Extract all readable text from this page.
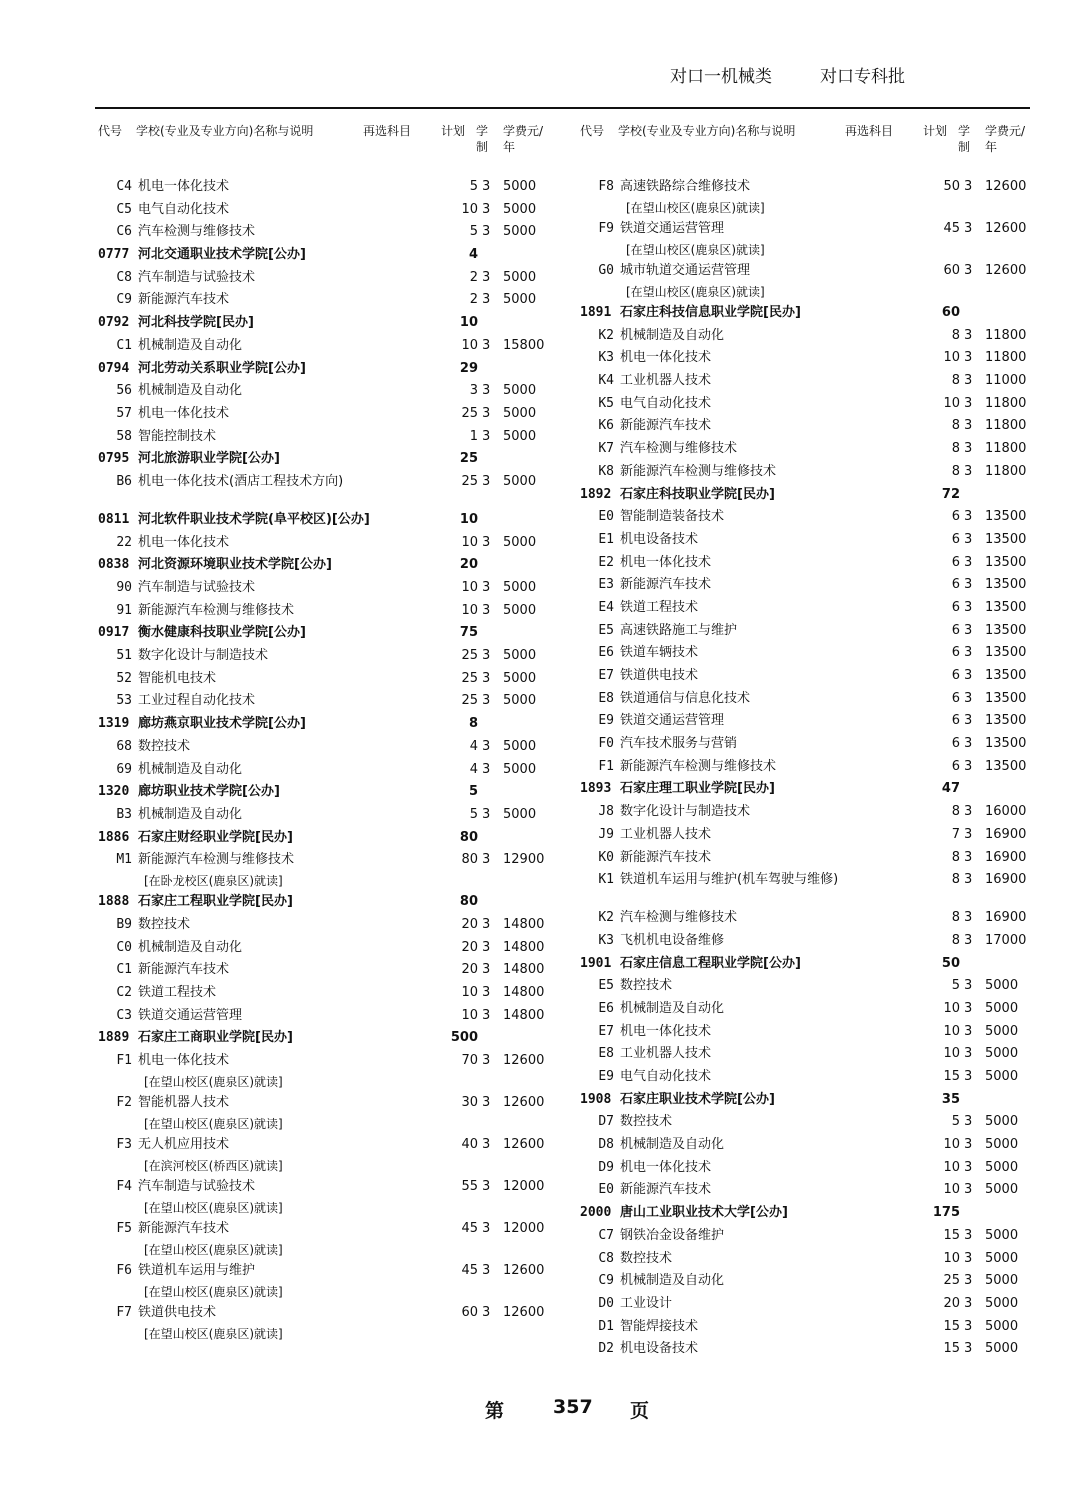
对口一机械类	对口专科批
代号 学校(专业及专业方向)名称与说明	再选科目 计划 学制
学费元/年
C4 机电一体化技术	5 3 5000
C5 电气自动化技术	10 3 5000
C6 汽车检测与维修技术	5 3 5000
0777 河北交通职业技术学院[公办]	4
C8 汽车制造与试验技术	2 3 5000
C9 新能源汽车技术	2 3 5000
0792 河北科技学院[民办]	10
C1 机械制造及自动化	10 3 15800
0794 河北劳动关系职业学院[公办]	29
56 机械制造及自动化	3 3 5000
57 机电一体化技术	25 3 5000
58 智能控制技术	1 3 5000
0795 河北旅游职业学院[公办]	25
B6 机电一体化技术(酒店工程技术方向)	25 3 5000
0811 河北软件职业技术学院(阜平校区)[公办]	10
22 机电一体化技术	10 3 5000
0838 河北资源环境职业技术学院[公办]	20
90 汽车制造与试验技术	10 3 5000
91 新能源汽车检测与维修技术	10 3 5000
0917 衡水健康科技职业学院[公办]	75
51 数字化设计与制造技术	25 3 5000
52 智能机电技术	25 3 5000
53 工业过程自动化技术	25 3 5000
1319 廊坊燕京职业技术学院[公办]	8
68 数控技术	4 3 5000
69 机械制造及自动化	4 3 5000
1320 廊坊职业技术学院[公办]	5
B3 机械制造及自动化	5 3 5000
1886 石家庄财经职业学院[民办]	80
M1 新能源汽车检测与维修技术	80 3 12900
[在卧龙校区(鹿泉区)就读]
1888 石家庄工程职业学院[民办]	80
B9 数控技术	20 3 14800
C0 机械制造及自动化	20 3 14800
C1 新能源汽车技术	20 3 14800
C2 铁道工程技术	10 3 14800
C3 铁道交通运营管理	10 3 14800
1889 石家庄工商职业学院[民办]	500
F1 机电一体化技术	70 3 12600
[在望山校区(鹿泉区)就读]
F2 智能机器人技术	30 3 12600
[在望山校区(鹿泉区)就读]
F3 无人机应用技术	40 3 12600
[在滨河校区(桥西区)就读]
F4 汽车制造与试验技术	55 3 12000
[在望山校区(鹿泉区)就读]
F5 新能源汽车技术	45 3 12000
[在望山校区(鹿泉区)就读]
F6 铁道机车运用与维护	45 3 12600
[在望山校区(鹿泉区)就读]
F7 铁道供电技术	60 3 12600
[在望山校区(鹿泉区)就读]
代号 学校(专业及专业方向)名称与说明	再选科目 计划 学制
学费元/年
F8 高速铁路综合维修技术	50 3 12600
[在望山校区(鹿泉区)就读]
F9 铁道交通运营管理	45 3 12600
[在望山校区(鹿泉区)就读]
G0 城市轨道交通运营管理	60 3 12600
[在望山校区(鹿泉区)就读]
1891 石家庄科技信息职业学院[民办]	60
K2 机械制造及自动化	8 3 11800
K3 机电一体化技术	10 3 11800
K4 工业机器人技术	8 3 11000
K5 电气自动化技术	10 3 11800
K6 新能源汽车技术	8 3 11800
K7 汽车检测与维修技术	8 3 11800
K8 新能源汽车检测与维修技术	8 3 11800
1892 石家庄科技职业学院[民办]	72
E0 智能制造装备技术	6 3 13500
E1 机电设备技术	6 3 13500
E2 机电一体化技术	6 3 13500
E3 新能源汽车技术	6 3 13500
E4 铁道工程技术	6 3 13500
E5 高速铁路施工与维护	6 3 13500
E6 铁道车辆技术	6 3 13500
E7 铁道供电技术	6 3 13500
E8 铁道通信与信息化技术	6 3 13500
E9 铁道交通运营管理	6 3 13500
F0 汽车技术服务与营销	6 3 13500
F1 新能源汽车检测与维修技术	6 3 13500
1893 石家庄理工职业学院[民办]	47
J8 数字化设计与制造技术	8 3 16000
J9 工业机器人技术	7 3 16900
K0 新能源汽车技术	8 3 16900
K1 铁道机车运用与维护(机车驾驶与维修)	8 3 16900
K2 汽车检测与维修技术	8 3 16900
K3 飞机机电设备维修	8 3 17000
1901 石家庄信息工程职业学院[公办]	50
E5 数控技术	5 3 5000
E6 机械制造及自动化	10 3 5000
E7 机电一体化技术	10 3 5000
E8 工业机器人技术	10 3 5000
E9 电气自动化技术	15 3 5000
1908 石家庄职业技术学院[公办]	35
D7 数控技术	5 3 5000
D8 机械制造及自动化	10 3 5000
D9 机电一体化技术	10 3 5000
E0 新能源汽车技术	10 3 5000
2000 唐山工业职业技术大学[公办]	175
C7 钢铁冶金设备维护	15 3 5000
C8 数控技术	10 3 5000
C9 机械制造及自动化	25 3 5000
D0 工业设计	20 3 5000
D1 智能焊接技术	15 3 5000
D2 机电设备技术	15 3 5000
第	357 页
